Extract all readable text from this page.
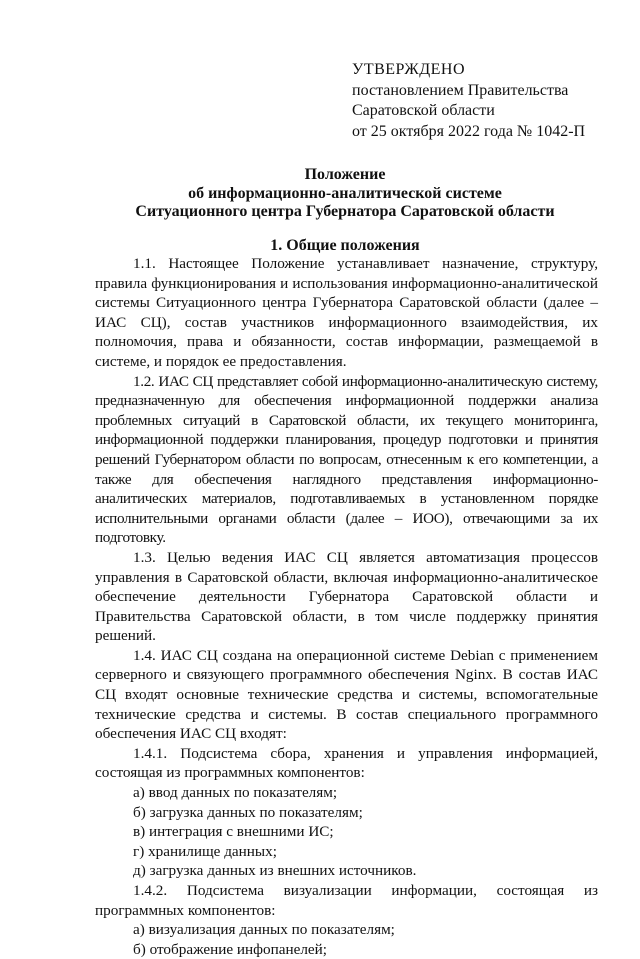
УТВЕРЖДЕНО
постановлением Правительства
Саратовской области
от 25 октября 2022 года № 1042-П
Положение
об информационно-аналитической системе
Ситуационного центра Губернатора Саратовской области
1. Общие положения

1.1. Настоящее Положение устанавливает назначение, структуру, правила функционирования и использования информационно-аналитической системы Ситуационного центра Губернатора Саратовской области (далее – ИАС СЦ), состав участников информационного взаимодействия, их полномочия, права и обязанности, состав информации, размещаемой в системе, и порядок ее предоставления.

1.2. ИАС СЦ представляет собой информационно-аналитическую систему, предназначенную для обеспечения информационной поддержки анализа проблемных ситуаций в Саратовской области, их текущего мониторинга, информационной поддержки планирования, процедур подготовки и принятия решений Губернатором области по вопросам, отнесенным к его компетенции, а также для обеспечения наглядного представления информационно-аналитических материалов, подготавливаемых в установленном порядке исполнительными органами области (далее – ИОО), отвечающими за их подготовку.

1.3. Целью ведения ИАС СЦ является автоматизация процессов управления в Саратовской области, включая информационно-аналитическое обеспечение деятельности Губернатора Саратовской области и Правительства Саратовской области, в том числе поддержку принятия решений.

1.4. ИАС СЦ создана на операционной системе Debian с применением серверного и связующего программного обеспечения Nginx. В состав ИАС СЦ входят основные технические средства и системы, вспомогательные технические средства и системы. В состав специального программного обеспечения ИАС СЦ входят:

1.4.1. Подсистема сбора, хранения и управления информацией, состоящая из программных компонентов:

а) ввод данных по показателям;

б) загрузка данных по показателям;

в) интеграция с внешними ИС;

г) хранилище данных;

д) загрузка данных из внешних источников.

1.4.2. Подсистема визуализации информации, состоящая из программных компонентов:

а) визуализация данных по показателям;

б) отображение инфопанелей;
